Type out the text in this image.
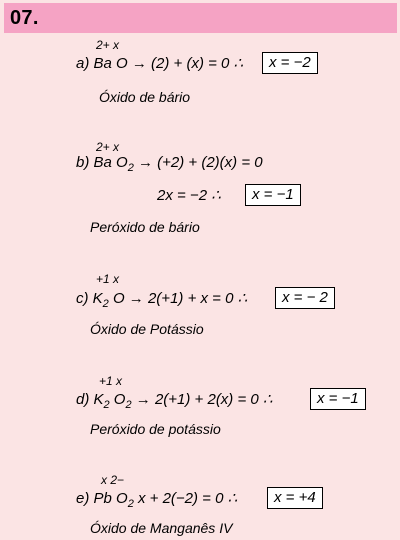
07.
2+ x
a) Ba O → (2) + (x) = 0 ∴	x = −2
Óxido de bário
2+ x
b) Ba $O_2 \to (+2) + (2)(x) = 0$
2x = −2 ∴	x = −1
Peróxido de bário
+1 x
c) $K_2$ O → 2(+1) + x = 0 ∴	x = − 2
Óxido de Potássio
+1 x
d) $K_2$ $O_2 \to 2(+1) + 2(x) = 0$ ∴	x = −1
Peróxido de potássio
x 2−
e) Pb $O_2$ x + 2(−2) = 0 ∴	x = +4
Óxido de Manganês IV
